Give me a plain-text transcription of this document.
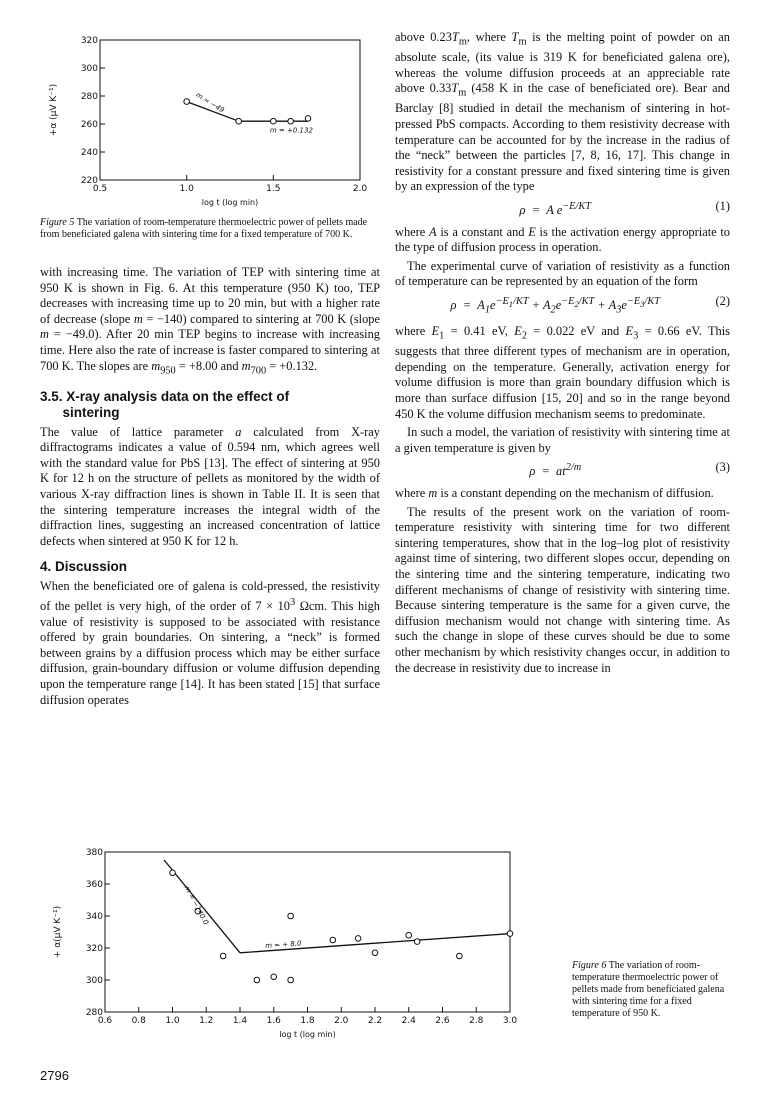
0.5	1.0	1.5	2.0
220
240
260
280
300
320
log t (log min)
+α (μV K⁻¹)	m = −49
m = +0.132
Figure 5 The variation of room-temperature thermoelectric power of pellets made from beneficiated galena with sintering time for a fixed temperature of 700 K.

with increasing time. The variation of TEP with sintering time at 950 K is shown in Fig. 6. At this temperature (950 K) too, TEP decreases with increasing time up to 20 min, but with a higher rate of decrease (slope m = −140) compared to sintering at 700 K (slope m = −49.0). After 20 min TEP begins to increase with increasing time. Here also the rate of increase is faster compared to sintering at 700 K. The slopes are $m_{950} = +8.00$ and $m_{700} = +0.132$.

3.5. X-ray analysis data on the effect of
sintering

The value of lattice parameter a calculated from X-ray diffractograms indicates a value of 0.594 nm, which agrees well with the standard value for PbS [13]. The effect of sintering at 950 K for 12 h on the structure of pellets as monitored by the width of various X-ray diffraction lines is shown in Table II. It is seen that the sintering temperature increases the integral width of the diffraction lines, suggesting an increased concentration of lattice defects when sintered at 950 K for 12 h.

4. Discussion

When the beneficiated ore of galena is cold-pressed, the resistivity of the pellet is very high, of the order of $7 \times 10^3$ Ωcm. This high value of resistivity is supposed to be associated with resistance offered by grain boundaries. On sintering, a “neck” is formed between grains by a diffusion process which may be either surface diffusion, grain-boundary diffusion or volume diffusion depending upon the temperature range [14]. It has been stated [15] that surface diffusion operates

above $0.23T_m$, where $T_m$ is the melting point of powder on an absolute scale, (its value is 319 K for beneficiated galena ore), whereas the volume diffusion proceeds at an appreciable rate above $0.33T_m$ (458 K in the case of beneficiated ore). Bear and Barclay [8] studied in detail the mechanism of sintering in hot-pressed PbS compacts. According to them resistivity decrease with temperature can be accounted for by the increase in the radius of the “neck” between the particles [7, 8, 16, 17]. This change in resistivity for a constant pressure and fixed sintering time is given by an expression of the type

ρ  =  A $e^{-E/KT}$	(1)

where A is a constant and E is the activation energy appropriate to the type of diffusion process in operation.

The experimental curve of variation of resistivity as a function of temperature can be represented by an equation of the form

$\rho = A_1e^{-E_1/KT} + A_2e^{-E_2/KT} + A_3e^{-E_3/KT}$	(2)

where $E_1 = 0.41$ eV, $E_2 = 0.022$ eV and $E_3 = 0.66$ eV. This suggests that three different types of mechanism are in operation, depending on the temperature. Generally, activation energy for volume diffusion is more than grain boundary diffusion which is more than surface diffusion [15, 20] and so in the range beyond 450 K the volume diffusion mechanism seems to predominate.

In such a model, the variation of resistivity with sintering time at a given temperature is given by

$\rho = at^{2/m}$	(3)

where m is a constant depending on the mechanism of diffusion.

The results of the present work on the variation of room-temperature resistivity with sintering time for two different sintering temperatures, show that in the log–log plot of resistivity against time of sintering, two different slopes occur, depending on the sintering time and the sintering temperature, indicating two different mechanisms of change of resistivity with sintering time. Because sintering temperature is the same for a given curve, the diffusion mechanism would not change with sintering time. As such the change in slope of these curves should be due to some other mechanism by which resistivity changes occur, in addition to the decrease in resistivity due to increase in

0.6 0.8 1.0 1.2 1.4 1.6 1.8 2.0 2.2 2.4 2.6 2.8 3.0
280
300
320
340
360
380
log t (log min)
+ α(μV K⁻¹)
m = −140.0
m = + 8.0
Figure 6 The variation of room-temperature thermoelectric power of pellets made from beneficiated galena with sintering time for a fixed temperature of 950 K.
2796
